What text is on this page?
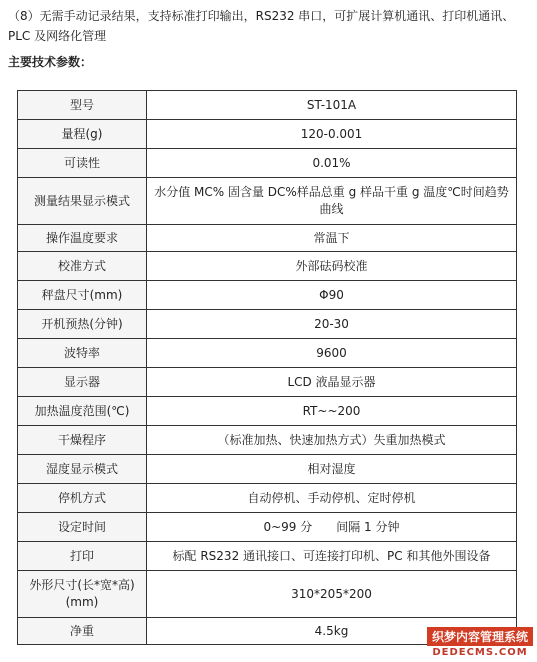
（8）无需手动记录结果，支持标准打印输出，RS232 串口，可扩展计算机通讯、打印机通讯、PLC 及网络化管理
主要技术参数：
型号	ST-101A
量程(g)	120-0.001
可读性	0.01%
测量结果显示模式	水分值 MC% 固含量 DC%样品总重 g 样品干重 g 温度℃时间趋势曲线
操作温度要求	常温下
校准方式	外部砝码校准
秤盘尺寸(mm)	Φ90
开机预热(分钟)	20-30
波特率	9600
显示器	LCD 液晶显示器
加热温度范围(℃)	RT~~200
干燥程序	（标准加热、快速加热方式）失重加热模式
湿度显示模式	相对湿度
停机方式	自动停机、手动停机、定时停机
设定时间	0~99 分　　间隔 1 分钟
打印	标配 RS232 通讯接口、可连接打印机、PC 和其他外围设备
外形尺寸(长*宽*高)(mm)	310*205*200
净重	4.5kg	织梦内容管理系统
DEDECMS.COM
